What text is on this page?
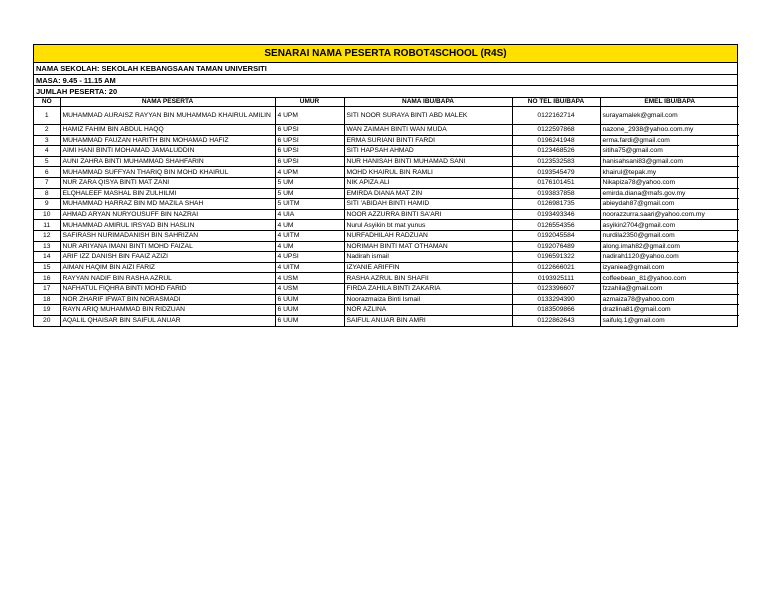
SENARAI NAMA PESERTA ROBOT4SCHOOL (R4S)
NAMA SEKOLAH: SEKOLAH KEBANGSAAN TAMAN UNIVERSITI
MASA: 9.45 - 11.15 AM
JUMLAH PESERTA: 20
NO	NAMA PESERTA	UMUR	NAMA IBU/BAPA	NO TEL IBU/BAPA	EMEL IBU/BAPA
1	MUHAMMAD AURAISZ RAYYAN BIN MUHAMMAD KHAIRUL AMILIN	4 UPM	SITI NOOR SURAYA BINTI ABD MALEK	0122162714	surayamalek@gmail.com
2	HAMIZ FAHIM BIN ABDUL HAQQ	6 UPSI	WAN ZAIMAH BINTI WAN MUDA	0122597868	nazone_2938@yahoo.com.my
3	MUHAMMAD FAUZAN HARITH BIN MOHAMAD HAFIZ	6 UPSI	ERMA SURIANI BINTI FARDI	0196241948	erma.fardi@gmail.com
4	AIMI HANI BINTI MOHAMAD JAMALUDDIN	6 UPSI	SITI HAPSAH AHMAD	0123468526	sitiha75@gmail.com
5	AUNI ZAHRA BINTI MUHAMMAD SHAHFARIN	6 UPSI	NUR HANISAH BINTI MUHAMAD SANI	0123532583	hanisahsani83@gmail.com
6	MUHAMMAD SUFFYAN THARIQ BIN MOHD KHAIRUL	4 UPM	MOHD KHAIRUL BIN RAMLI	0193545479	khairul@tepak.my
7	NUR ZARA QISYA BINTI MAT ZANI	5 UM	NIK APIZA ALI	0176101451	Nikapiza78@yahoo.com
8	ELQHALEEF MASHAL BIN ZULHILMI	5 UM	EMIRDA DIANA MAT ZIN	0193837858	emirda.diana@mafs.gov.my
9	MUHAMMAD HARRAZ BIN MD MAZILA SHAH	5 UITM	SITI 'ABIDAH BINTI HAMID	0126981735	abieydah87@gmail.com
10	AHMAD ARYAN NURYOUSUFF BIN NAZRAI	4 UIA	NOOR AZZURRA BINTI SA'ARI	0193493346	noorazzurra.saari@yahoo.com.my
11	MUHAMMAD AMIRUL IRSYAD BIN HASLIN	4 UM	Nurul Asyikin bt mat yunus	0126554356	asyikin2704@gmail.com
12	SAFIRASH NURIMADANISH BIN SAHRIZAN	4 UITM	NURFADHILAH RADZUAN	0192045584	nurdila2350@gmail.com
13	NUR ARIYANA IMANI BINTI MOHD FAIZAL	4 UM	NORIMAH BINTI MAT OTHAMAN	0192076489	along.imah82@gmail.com
14	ARIF IZZ DANISH BIN FAAIZ AZIZI	4 UPSI	Nadirah ismail	0196591322	nadirah1120@yahoo.com
15	AIMAN HAQIM BIN AIZI FARIZ	4 UITM	IZYANIE ARIFFIN	0122666021	izyaniea@gmail.com
16	RAYYAN NADIF BIN RASHA AZRUL	4 USM	RASHA AZRUL BIN SHAFII	0193925111	coffeebean_81@yahoo.com
17	NAFHATUL FIQHRA BINTI MOHD FARID	4 USM	FIRDA ZAHILA BINTI ZAKARIA	0123396607	fzzahila@gmail.com
18	NOR ZHARIF IFWAT BIN NORASMADI	6 UUM	Noorazmaiza Binti Ismail	0133294390	azmaiza78@yahoo.com
19	RAYN ARIQ MUHAMMAD BIN RIDZUAN	6 UUM	NOR AZLINA	0183509866	drazlina81@gmail.com
20	AQALIL QHAISAR BIN SAIFUL ANUAR	6 UUM	SAIFUL ANUAR BIN AMRI	0122862643	saifulq.1@gmail.com
